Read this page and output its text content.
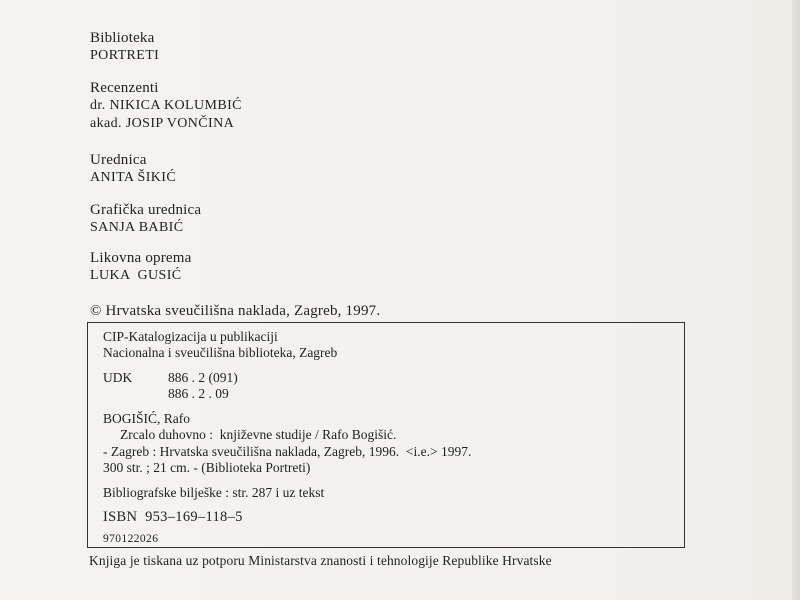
Biblioteka
PORTRETI
Recenzenti
dr. NIKICA KOLUMBIĆ
akad. JOSIP VONČINA
Urednica
ANITA ŠIKIĆ
Grafička urednica
SANJA BABIĆ
Likovna oprema
LUKA  GUSIĆ
© Hrvatska sveučilišna naklada, Zagreb, 1997.
CIP-Katalogizacija u publikaciji
Nacionalna i sveučilišna biblioteka, Zagreb
UDK	886 . 2 (091)
886 . 2 . 09
BOGIŠIĆ, Rafo
Zrcalo duhovno :  književne studije / Rafo Bogišić.
- Zagreb : Hrvatska sveučilišna naklada, Zagreb, 1996.  <i.e.> 1997.
300 str. ; 21 cm. - (Biblioteka Portreti)
Bibliografske bilješke : str. 287 i uz tekst
ISBN  953–169–118–5
970122026
Knjiga je tiskana uz potporu Ministarstva znanosti i tehnologije Republike Hrvatske
